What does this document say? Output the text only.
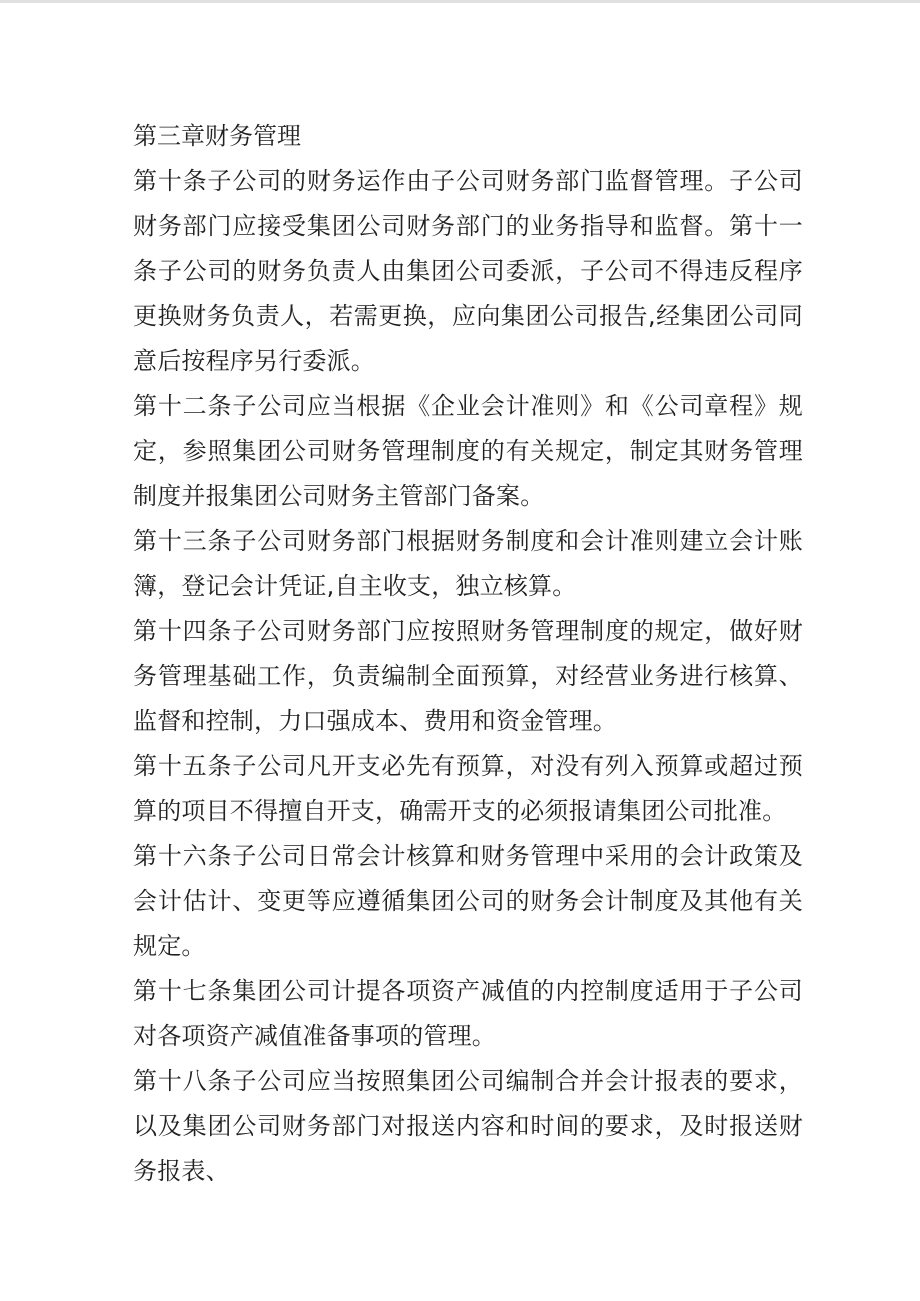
第三章财务管理

第十条子公司的财务运作由子公司财务部门监督管理。子公司财务部门应接受集团公司财务部门的业务指导和监督。第十一条子公司的财务负责人由集团公司委派，子公司不得违反程序更换财务负责人，若需更换，应向集团公司报告,经集团公司同意后按程序另行委派。

第十二条子公司应当根据《企业会计准则》和《公司章程》规定，参照集团公司财务管理制度的有关规定，制定其财务管理制度并报集团公司财务主管部门备案。

第十三条子公司财务部门根据财务制度和会计准则建立会计账簿，登记会计凭证,自主收支，独立核算。

第十四条子公司财务部门应按照财务管理制度的规定，做好财务管理基础工作，负责编制全面预算，对经营业务进行核算、监督和控制，力口强成本、费用和资金管理。

第十五条子公司凡开支必先有预算，对没有列入预算或超过预算的项目不得擅自开支，确需开支的必须报请集团公司批准。

第十六条子公司日常会计核算和财务管理中采用的会计政策及会计估计、变更等应遵循集团公司的财务会计制度及其他有关规定。

第十七条集团公司计提各项资产减值的内控制度适用于子公司对各项资产减值准备事项的管理。

第十八条子公司应当按照集团公司编制合并会计报表的要求，以及集团公司财务部门对报送内容和时间的要求，及时报送财务报表、
